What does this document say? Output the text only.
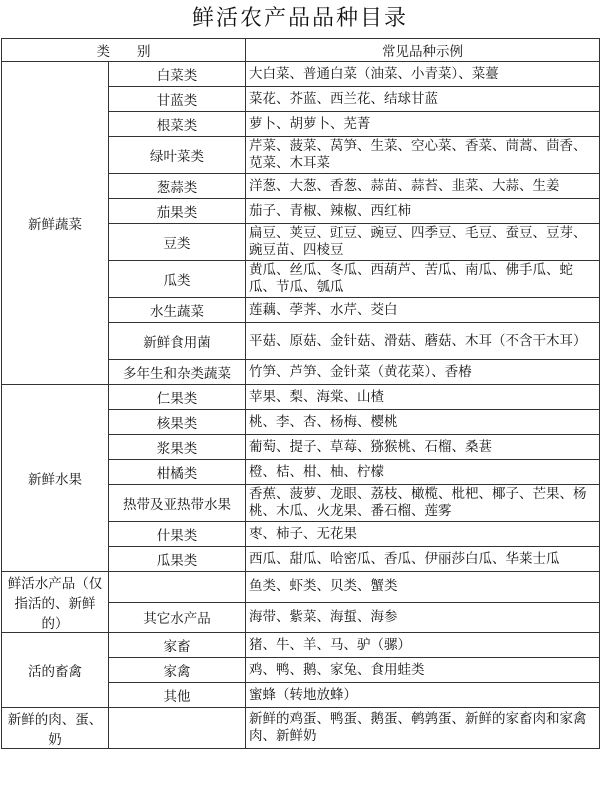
鲜活农产品品种目录
类　　别		常见品种示例
新鲜蔬菜	白菜类	大白菜、普通白菜（油菜、小青菜）、菜薹
	甘蓝类	菜花、芥蓝、西兰花、结球甘蓝
	根菜类	萝卜、胡萝卜、芜菁
	绿叶菜类	芹菜、菠菜、莴笋、生菜、空心菜、香菜、茼蒿、茴香、苋菜、木耳菜
	葱蒜类	洋葱、大葱、香葱、蒜苗、蒜苔、韭菜、大蒜、生姜
	茄果类	茄子、青椒、辣椒、西红柿
	豆类	扁豆、荚豆、豇豆、豌豆、四季豆、毛豆、蚕豆、豆芽、豌豆苗、四棱豆
	瓜类	黄瓜、丝瓜、冬瓜、西葫芦、苦瓜、南瓜、佛手瓜、蛇瓜、节瓜、瓠瓜
	水生蔬菜	莲藕、荸荠、水芹、茭白
	新鲜食用菌	平菇、原菇、金针菇、滑菇、蘑菇、木耳（不含干木耳）
	多年生和杂类蔬菜	竹笋、芦笋、金针菜（黄花菜）、香椿
新鲜水果	仁果类	苹果、梨、海棠、山楂
	核果类	桃、李、杏、杨梅、樱桃
	浆果类	葡萄、提子、草莓、猕猴桃、石榴、桑葚
	柑橘类	橙、桔、柑、柚、柠檬
	热带及亚热带水果	香蕉、菠萝、龙眼、荔枝、橄榄、枇杷、椰子、芒果、杨桃、木瓜、火龙果、番石榴、莲雾
	什果类	枣、柿子、无花果
	瓜果类	西瓜、甜瓜、哈密瓜、香瓜、伊丽莎白瓜、华莱士瓜
鲜活水产品（仅指活的、新鲜的）		鱼类、虾类、贝类、蟹类
	其它水产品	海带、紫菜、海蜇、海参
活的畜禽	家畜	猪、牛、羊、马、驴（骡）
	家禽	鸡、鸭、鹅、家兔、食用蛙类
	其他	蜜蜂（转地放蜂）
新鲜的肉、蛋、奶		新鲜的鸡蛋、鸭蛋、鹅蛋、鹌鹑蛋、新鲜的家畜肉和家禽肉、新鲜奶
